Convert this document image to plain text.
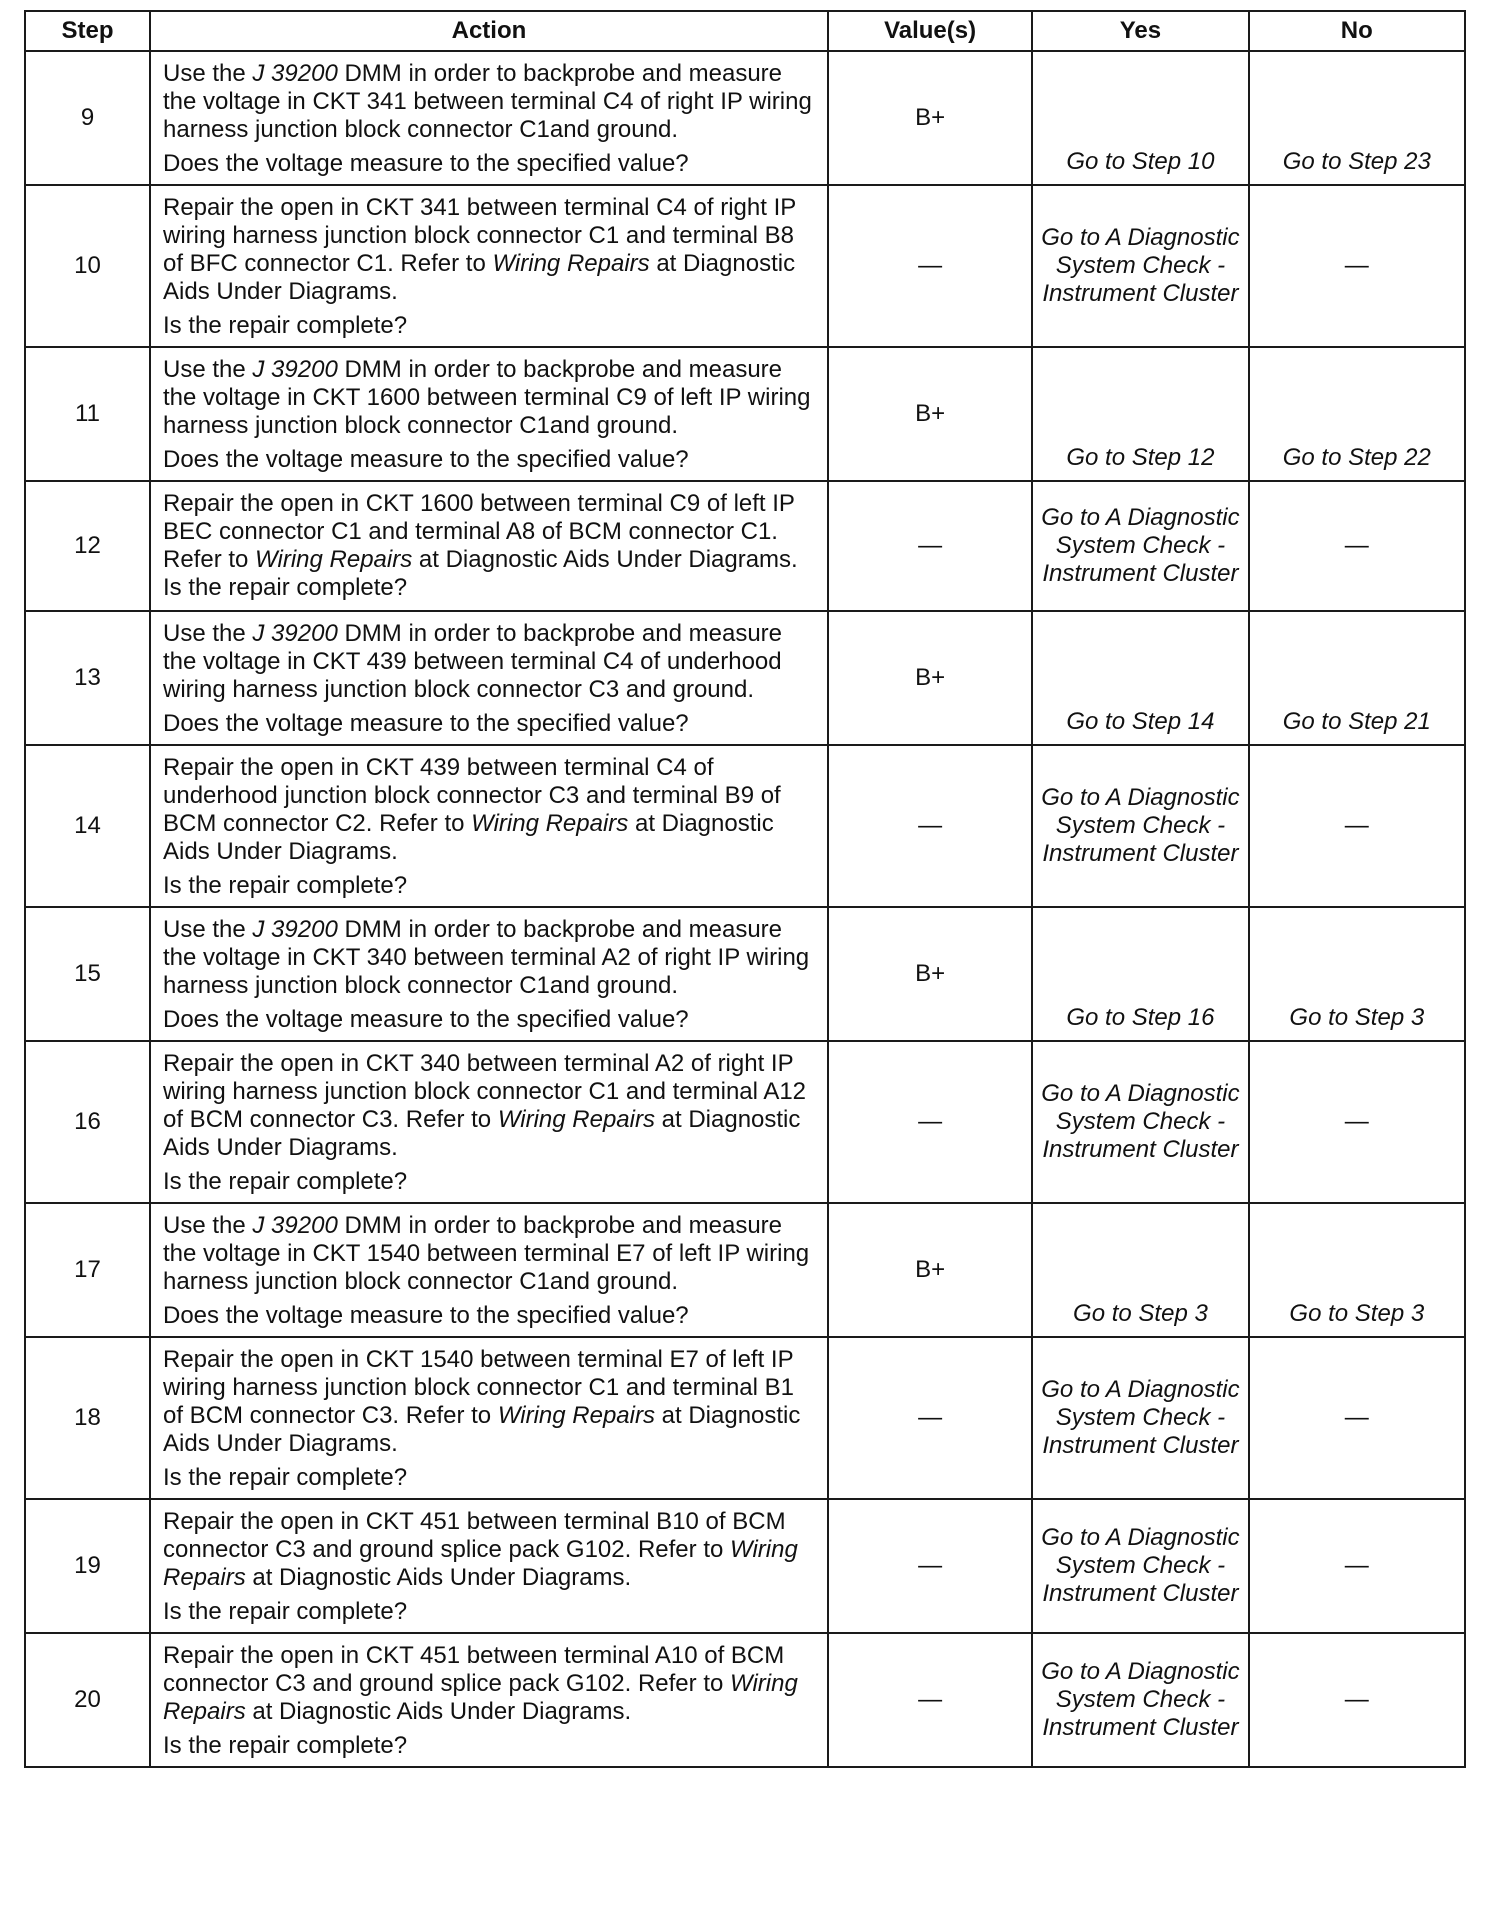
Step	Action	Value(s)	Yes	No
9	Use the J 39200 DMM in order to backprobe and measure the voltage in CKT 341 between terminal C4 of right IP wiring harness junction block connector C1and ground.
Does the voltage measure to the specified value?	B+	Go to Step 10	Go to Step 23

10	Repair the open in CKT 341 between terminal C4 of right IP wiring harness junction block connector C1 and terminal B8 of BFC connector C1. Refer to Wiring Repairs at Diagnostic Aids Under Diagrams.
Is the repair complete?	—	Go to A Diagnostic System Check - Instrument Cluster	—
11	Use the J 39200 DMM in order to backprobe and measure the voltage in CKT 1600 between terminal C9 of left IP wiring harness junction block connector C1and ground.
Does the voltage measure to the specified value?	B+	Go to Step 12	Go to Step 22

12	Repair the open in CKT 1600 between terminal C9 of left IP BEC connector C1 and terminal A8 of BCM connector C1. Refer to Wiring Repairs at Diagnostic Aids Under Diagrams. Is the repair complete?	—	Go to A Diagnostic System Check - Instrument Cluster	—
13	Use the J 39200 DMM in order to backprobe and measure the voltage in CKT 439 between terminal C4 of underhood wiring harness junction block connector C3 and ground.
Does the voltage measure to the specified value?	B+	Go to Step 14	Go to Step 21

14	Repair the open in CKT 439 between terminal C4 of underhood junction block connector C3 and terminal B9 of BCM connector C2. Refer to Wiring Repairs at Diagnostic Aids Under Diagrams.
Is the repair complete?	—	Go to A Diagnostic System Check - Instrument Cluster	—
15	Use the J 39200 DMM in order to backprobe and measure the voltage in CKT 340 between terminal A2 of right IP wiring harness junction block connector C1and ground.
Does the voltage measure to the specified value?	B+	Go to Step 16	Go to Step 3

16	Repair the open in CKT 340 between terminal A2 of right IP wiring harness junction block connector C1 and terminal A12 of BCM connector C3. Refer to Wiring Repairs at Diagnostic Aids Under Diagrams.
Is the repair complete?	—	Go to A Diagnostic System Check - Instrument Cluster	—
17	Use the J 39200 DMM in order to backprobe and measure the voltage in CKT 1540 between terminal E7 of left IP wiring harness junction block connector C1and ground.
Does the voltage measure to the specified value?	B+	Go to Step 3	Go to Step 3

18	Repair the open in CKT 1540 between terminal E7 of left IP wiring harness junction block connector C1 and terminal B1 of BCM connector C3. Refer to Wiring Repairs at Diagnostic Aids Under Diagrams.
Is the repair complete?	—	Go to A Diagnostic System Check - Instrument Cluster	—
19	Repair the open in CKT 451 between terminal B10 of BCM connector C3 and ground splice pack G102. Refer to Wiring Repairs at Diagnostic Aids Under Diagrams.
Is the repair complete?	—	Go to A Diagnostic System Check - Instrument Cluster	—
20	Repair the open in CKT 451 between terminal A10 of BCM connector C3 and ground splice pack G102. Refer to Wiring Repairs at Diagnostic Aids Under Diagrams.
Is the repair complete?	—	Go to A Diagnostic System Check - Instrument Cluster	—
